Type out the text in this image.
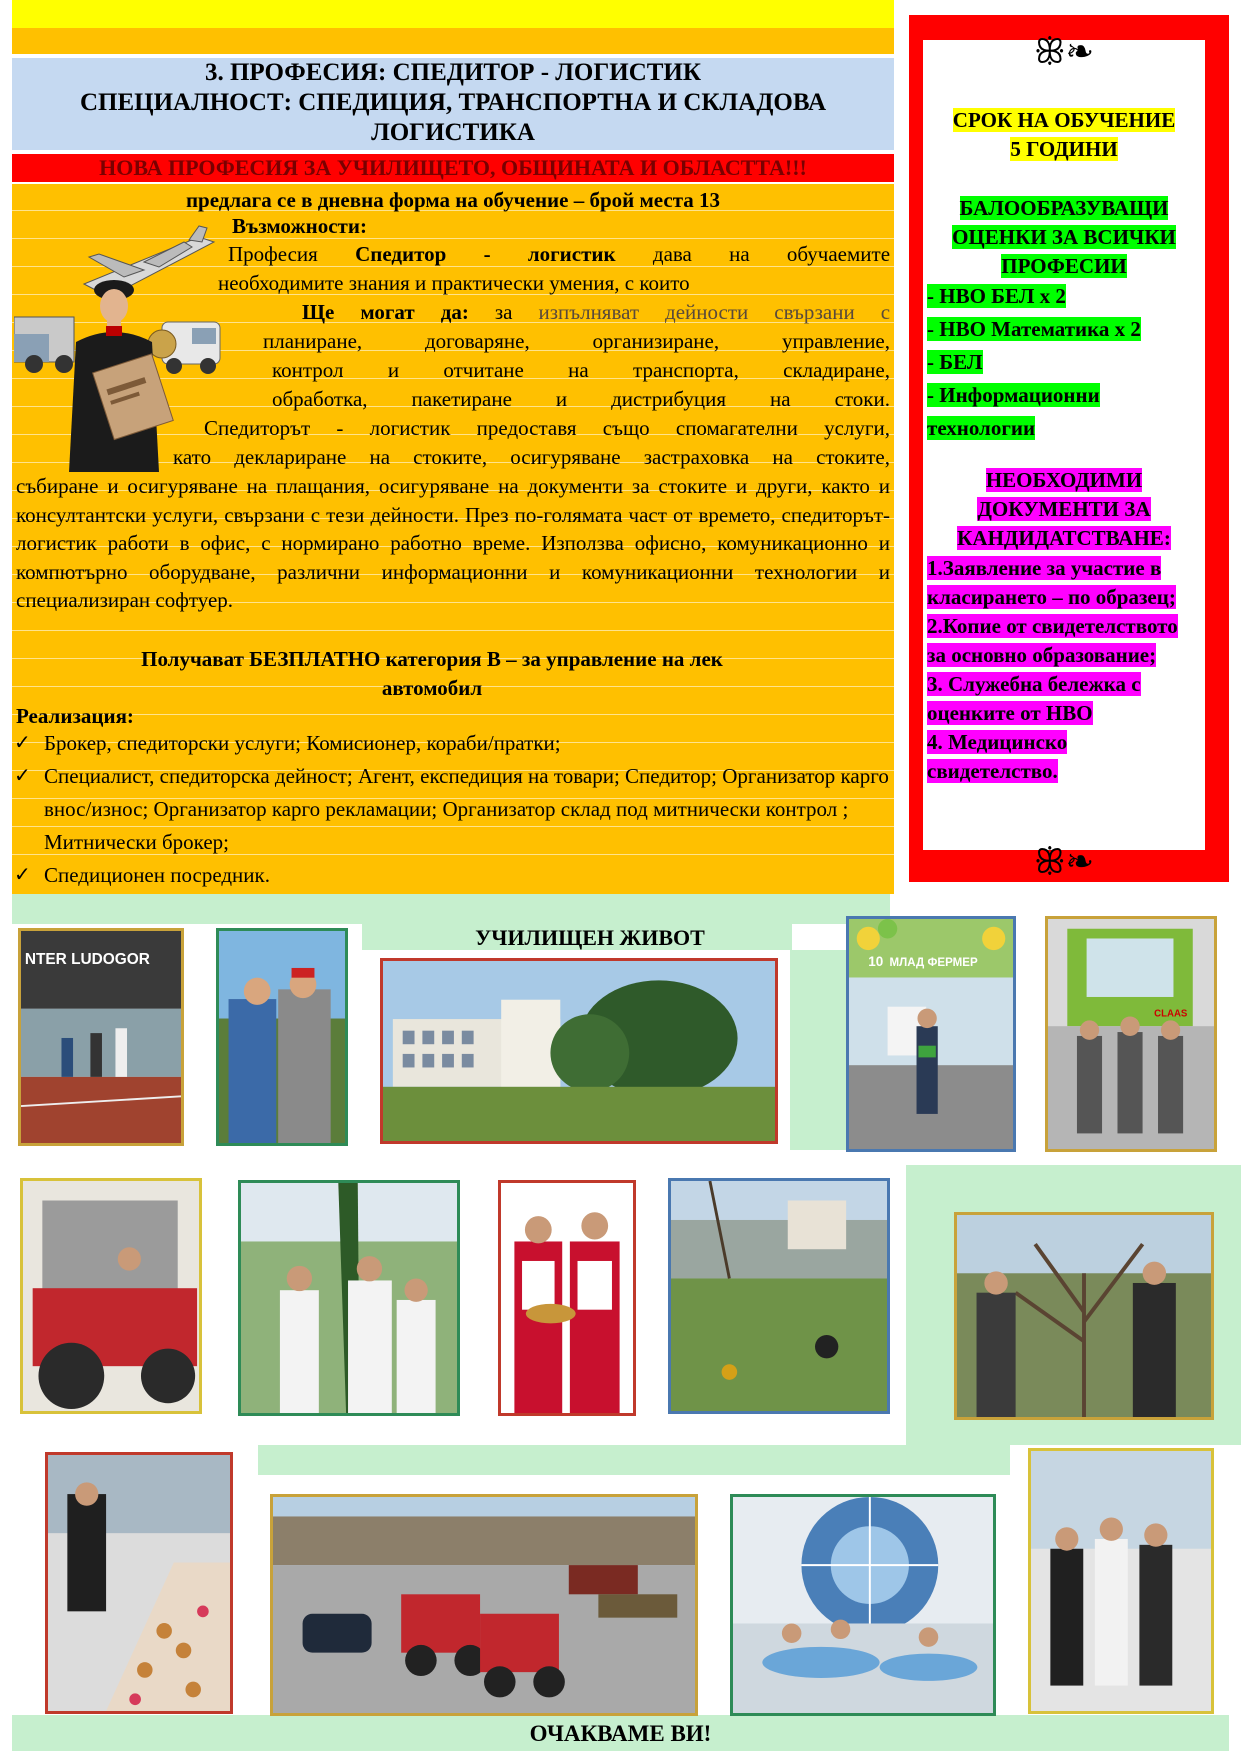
3. ПРОФЕСИЯ: СПЕДИТОР - ЛОГИСТИК
СПЕЦИАЛНОСТ: СПЕДИЦИЯ, ТРАНСПОРТНА И СКЛАДОВА
ЛОГИСТИКА
НОВА ПРОФЕСИЯ ЗА УЧИЛИЩЕТО, ОБЩИНАТА И ОБЛАСТТА!!!
предлага се в дневна форма на обучение – брой места 13
Възможности:
Професия Спедитор - логистик дава на обучаемите
необходимите знания и практически умения, с които
Ще могат да: за изпълняват дейности свързани с
планиране, договаряне, организиране, управление,
контрол и отчитане на транспорта, складиране,
обработка, пакетиране и дистрибуция на стоки.
Спедиторът - логистик предоставя също спомагателни услуги,
като деклариране на стоките, осигуряване застраховка на стоките,
събиране и осигуряване на плащания, осигуряване на документи за стоките и други, както и консултантски услуги, свързани с тези дейности. През по-голямата част от времето, спедиторът-логистик работи в офис, с нормирано работно време. Използва офисно, комуникационно и компютърно оборудване, различни информационни и комуникационни технологии и специализиран софтуер.
Получават БЕЗПЛАТНО категория В – за управление на лек автомобил
Реализация:
✓ Брокер, спедиторски услуги; Комисионер, кораби/пратки;
✓ Специалист, спедиторска дейност; Агент, експедиция на товари; Спедитор; Организатор карго внос/износ; Организатор карго рекламации; Организатор склад под митнически контрол ; Митнически брокер;
✓ Спедиционен посредник.
ꕥ❧
СРОК НА ОБУЧЕНИЕ
5 ГОДИНИ
БАЛООБРАЗУВАЩИ
ОЦЕНКИ ЗА ВСИЧКИ
ПРОФЕСИИ
- НВО БЕЛ х 2
- НВО Математика х 2
- БЕЛ
- Информационни технологии
НЕОБХОДИМИ
ДОКУМЕНТИ ЗА
КАНДИДАТСТВАНЕ:
1.Заявление за участие в класирането – по образец;
2.Копие от свидетелството за основно образование;
3. Служебна бележка с оценките от НВО
4. Медицинско свидетелство.
ꕥ❧
УЧИЛИЩЕН ЖИВОТ
NTER LUDOGOR	10 МЛАД ФЕРМЕР
CLAAS
ОЧАКВАМЕ ВИ!
